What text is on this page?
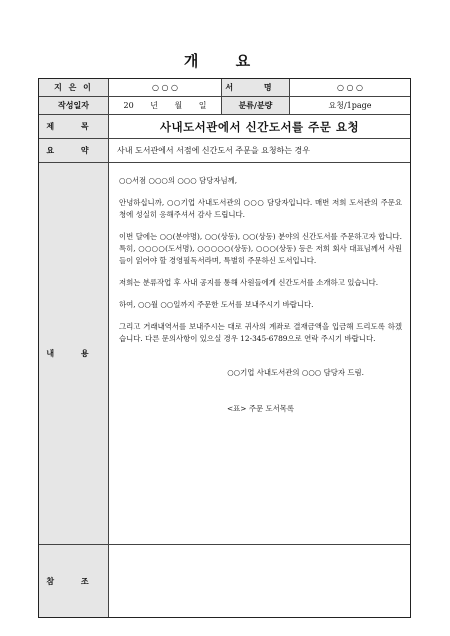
개 요
지 은 이	○ ○ ○	서 명	○ ○ ○
작성일자	20 년 월 일	분류/분량	요청/1page
제 목	사내도서관에서 신간도서를 주문 요청
요 약	사내 도서관에서 서점에 신간도서 주문을 요청하는 경우
내 용

○○서점 ○○○의 ○○○ 담당자님께,

안녕하십니까, ○○기업 사내도서관의 ○○○ 담당자입니다. 매번 저희 도서관의 주문요청에 성실히 응해주셔서 감사 드립니다.

이번 달에는 ○○(분야명), ○○(상동), ○○(상동) 분야의 신간도서를 주문하고자 합니다. 특히, ○○○○(도서명), ○○○○○(상동), ○○○(상동) 등은 저희 회사 대표님께서 사원들이 읽어야 할 경영필독서라며, 특별히 주문하신 도서입니다.

저희는 분류작업 후 사내 공지를 통해 사원들에게 신간도서를 소개하고 있습니다.

하여, ○○월 ○○일까지 주문한 도서를 보내주시기 바랍니다.

그리고 거래내역서를 보내주시는 대로 귀사의 계좌로 결재금액을 입금해 드리도록 하겠습니다. 다른 문의사항이 있으실 경우 12-345-6789으로 연락 주시기 바랍니다.

○○기업 사내도서관의 ○○○ 담당자 드림.

<표> 주문 도서목록

참 조
